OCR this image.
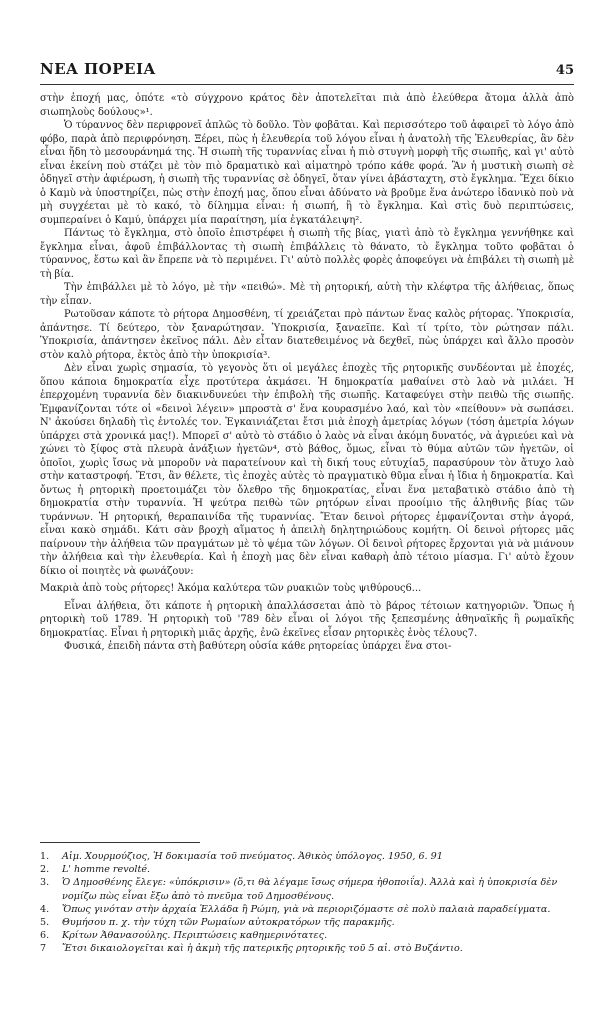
ΝΕΑ ΠΟΡΕΙΑ	45

στὴν ἐποχή μας, ὁπότε «τὸ σύγχρονο κράτος δὲν ἀποτελεῖται πιὰ ἀπὸ ἐλεύθερα ἄτομα ἀλλὰ ἀπὸ σιωπηλοὺς δούλους»¹.

Ὁ τύραννος δὲν περιφρονεῖ ἁπλῶς τὸ δοῦλο. Τὸν φοβᾶται. Καὶ περισσότερο τοῦ ἀφαιρεῖ τὸ λόγο ἀπὸ φόβο, παρὰ ἀπὸ περιφρόνηση. Ξέρει, πὼς ἡ ἐλευθερία τοῦ λόγου εἶναι ἡ ἀνατολὴ τῆς Ἐλευθερίας, ἂν δὲν εἶναι ἤδη τὸ μεσουράνημά της. Ἡ σιωπὴ τῆς τυραννίας εἶναι ἡ πιὸ στυγνὴ μορφὴ τῆς σιωπῆς, καὶ γι' αὐτὸ εἶναι ἐκείνη ποὺ στάζει μὲ τὸν πιὸ δραματικὸ καὶ αἱματηρὸ τρόπο κάθε φορά. Ἂν ἡ μυστικὴ σιωπὴ σὲ ὁδηγεῖ στὴν ἀφιέρωση, ἡ σιωπὴ τῆς τυραννίας σὲ ὁδηγεῖ, ὅταν γίνει ἀβάσταχτη, στὸ ἔγκλημα. Ἔχει δίκιο ὁ Καμὺ νὰ ὑποστηρίζει, πὼς στὴν ἐποχή μας, ὅπου εἶναι ἀδύνατο νὰ βροῦμε ἕνα ἀνώτερο ἰδανικὸ ποὺ νὰ μὴ συγχέεται μὲ τὸ κακό, τὸ δίλημμα εἶναι: ἡ σιωπή, ἢ τὸ ἔγκλημα. Καὶ στὶς δυὸ περιπτώσεις, συμπεραίνει ὁ Καμύ, ὑπάρχει μία παραίτηση, μία ἐγκατάλειψη².

Πάντως τὸ ἔγκλημα, στὸ ὁποῖο ἐπιστρέφει ἡ σιωπὴ τῆς βίας, γιατὶ ἀπὸ τὸ ἔγκλημα γεννήθηκε καὶ ἔγκλημα εἶναι, ἀφοῦ ἐπιβάλλοντας τὴ σιωπὴ ἐπιβάλλεις τὸ θάνατο, τὸ ἔγκλημα τοῦτο φοβᾶται ὁ τύραννος, ἔστω καὶ ἂν ἔπρεπε νὰ τὸ περιμένει. Γι' αὐτὸ πολλὲς φορὲς ἀποφεύγει νὰ ἐπιβάλει τὴ σιωπὴ μὲ τὴ βία.

Τὴν ἐπιβάλλει μὲ τὸ λόγο, μὲ τὴν «πειθώ». Μὲ τὴ ρητορική, αὐτὴ τὴν κλέφτρα τῆς ἀλήθειας, ὅπως τὴν εἶπαν.

Ρωτοῦσαν κάποτε τὸ ρήτορα Δημοσθένη, τί χρειάζεται πρὸ πάντων ἕνας καλὸς ρήτορας. Ὑποκρισία, ἀπάντησε. Τί δεύτερο, τὸν ξαναρώτησαν. Ὑποκρισία, ξαναεῖπε. Καὶ τί τρίτο, τὸν ρώτησαν πάλι. Ὑποκρισία, ἀπάντησεν ἐκεῖνος πάλι. Δὲν εἶταν διατεθειμένος νὰ δεχθεῖ, πὼς ὑπάρχει καὶ ἄλλο προσὸν στὸν καλὸ ρήτορα, ἐκτὸς ἀπὸ τὴν ὑποκρισία³.

Δὲν εἶναι χωρὶς σημασία, τὸ γεγονὸς ὅτι οἱ μεγάλες ἐποχὲς τῆς ρητορικῆς συνδέονται μὲ ἐποχές, ὅπου κάποια δημοκρατία εἶχε προτύτερα ἀκμάσει. Ἡ δημοκρατία μαθαίνει στὸ λαὸ νὰ μιλάει. Ἡ ἐπερχομένη τυραννία δὲν διακινδυνεύει τὴν ἐπιβολὴ τῆς σιωπῆς. Καταφεύγει στὴν πειθὼ τῆς σιωπῆς. Ἐμφανίζονται τότε οἱ «δεινοὶ λέγειν» μπροστὰ σ' ἕνα κουρασμένο λαό, καὶ τὸν «πείθουν» νὰ σωπάσει. Ν' ἀκούσει δηλαδὴ τὶς ἐντολές τον. Ἐγκαινιάζεται ἔτσι μιὰ ἐποχὴ ἀμετρίας λόγων (τόση ἀμετρία λόγων ὑπάρχει στὰ χρονικά μας!). Μπορεῖ σ' αὐτὸ τὸ στάδιο ὁ λαὸς νὰ εἶναι ἀκόμη δυνατός, νὰ ἀγριεύει καὶ νὰ χώνει τὸ ξίφος στὰ πλευρὰ ἀνάξιων ἡγετῶν⁴, στὸ βάθος, ὅμως, εἶναι τὸ θύμα αὐτῶν τῶν ἡγετῶν, οἱ ὁποῖοι, χωρὶς ἴσως νὰ μποροῦν νὰ παρατείνουν καὶ τὴ δική τους εὐτυχία5, παρασύρουν τὸν ἄτυχο λαὸ στὴν καταστροφή. Ἔτσι, ἂν θέλετε, τὶς ἐποχὲς αὐτὲς τὸ πραγματικὸ θῦμα εἶναι ἡ ἴδια ἡ δημοκρατία. Καὶ ὄντως ἡ ρητορικὴ προετοιμάζει τὸν ὄλεθρο τῆς δημοκρατίας, εἶναι ἕνα μεταβατικὸ στάδιο ἀπὸ τὴ δημοκρατία στὴν τυραννία. Ἡ ψεύτρα πειθὼ τῶν ρητόρων εἶναι προοίμιο τῆς ἀληθινῆς βίας τῶν τυράννων. Ἡ ρητορική, θεραπαινίδα τῆς τυραννίας. Ἔταν δεινοὶ ρήτορες ἐμφανίζονται στὴν ἀγορά, εἶναι κακὸ σημάδι. Κάτι σὰν βροχὴ αἵματος ἡ ἀπειλὴ δηλητηριώδους κομήτη. Οἱ δεινοὶ ρήτορες μᾶς παίρνουν τὴν ἀλήθεια τῶν πραγμάτων μὲ τὸ ψέμα τῶν λόγων. Οἱ δεινοὶ ρήτορες ἔρχονται γιὰ νὰ μιάνουν τὴν ἀλήθεια καὶ τὴν ἐλευθερία. Καὶ ἡ ἐποχὴ μας δὲν εἶναι καθαρὴ ἀπὸ τέτοιο μίασμα. Γι' αὐτὸ ἔχουν δίκιο οἱ ποιητὲς νὰ φωνάζουν:

Μακριὰ ἀπὸ τοὺς ρήτορες! Ἀκόμα καλύτερα τῶν ρυακιῶν τοὺς ψιθύρους6...

Εἶναι ἀλήθεια, ὅτι κάποτε ἡ ρητορικὴ ἀπαλλάσσεται ἀπὸ τὸ βάρος τέτοιων κατηγοριῶν. Ὅπως ἡ ρητορικὴ τοῦ 1789. Ἡ ρητορικὴ τοῦ '789 δὲν εἶναι οἱ λόγοι τῆς ξεπεσμένης ἀθηναϊκῆς ἢ ρωμαϊκῆς δημοκρατίας. Εἶναι ἡ ρητορικὴ μιᾶς ἀρχῆς, ἐνῶ ἐκεῖνες εἶσαν ρητορικὲς ἑνὸς τέλους7.

Φυσικά, ἐπειδὴ πάντα στὴ βαθύτερη οὐσία κάθε ρητορείας ὑπάρχει ἕνα στοι-

1.	Αἰμ. Χουρμούζιος, Ἡ δοκιμασία τοῦ πνεύματος. Ἀθικὸς ὑπόλογος. 1950, 6. 91
2.	L' homme revolté.
3.	Ὁ Δημοσθένης ἔλεγε: «ὑπόκρισιν» (ὅ,τι θὰ λέγαμε ἴσως σήμερα ἠθοποιΐα). Ἀλλὰ καὶ ἡ ὑποκρισία δὲν νομίζω πὼς εἶναι ἔξω ἀπὸ τὸ πνεῦμα τοῦ Δημοσθένους.
4.	Ὅπως γινόταν στὴν ἀρχαία Ἑλλάδα ἢ Ρώμη, γιὰ νὰ περιοριζόμαστε σὲ πολὺ παλαιὰ παραδείγματα.
5.	Θυμήσου π. χ. τὴν τύχη τῶν Ρωμαίων αὐτοκρατόρων τῆς παρακμῆς.
6.	Κρίτων Ἀθανασούλης. Περιπτώσεις καθημερινότατες.
7	Ἔτσι δικαιολογεῖται καὶ ἡ ἀκμὴ τῆς πατερικῆς ρητορικῆς τοῦ 5 αἰ. στὸ Βυζάντιο.
